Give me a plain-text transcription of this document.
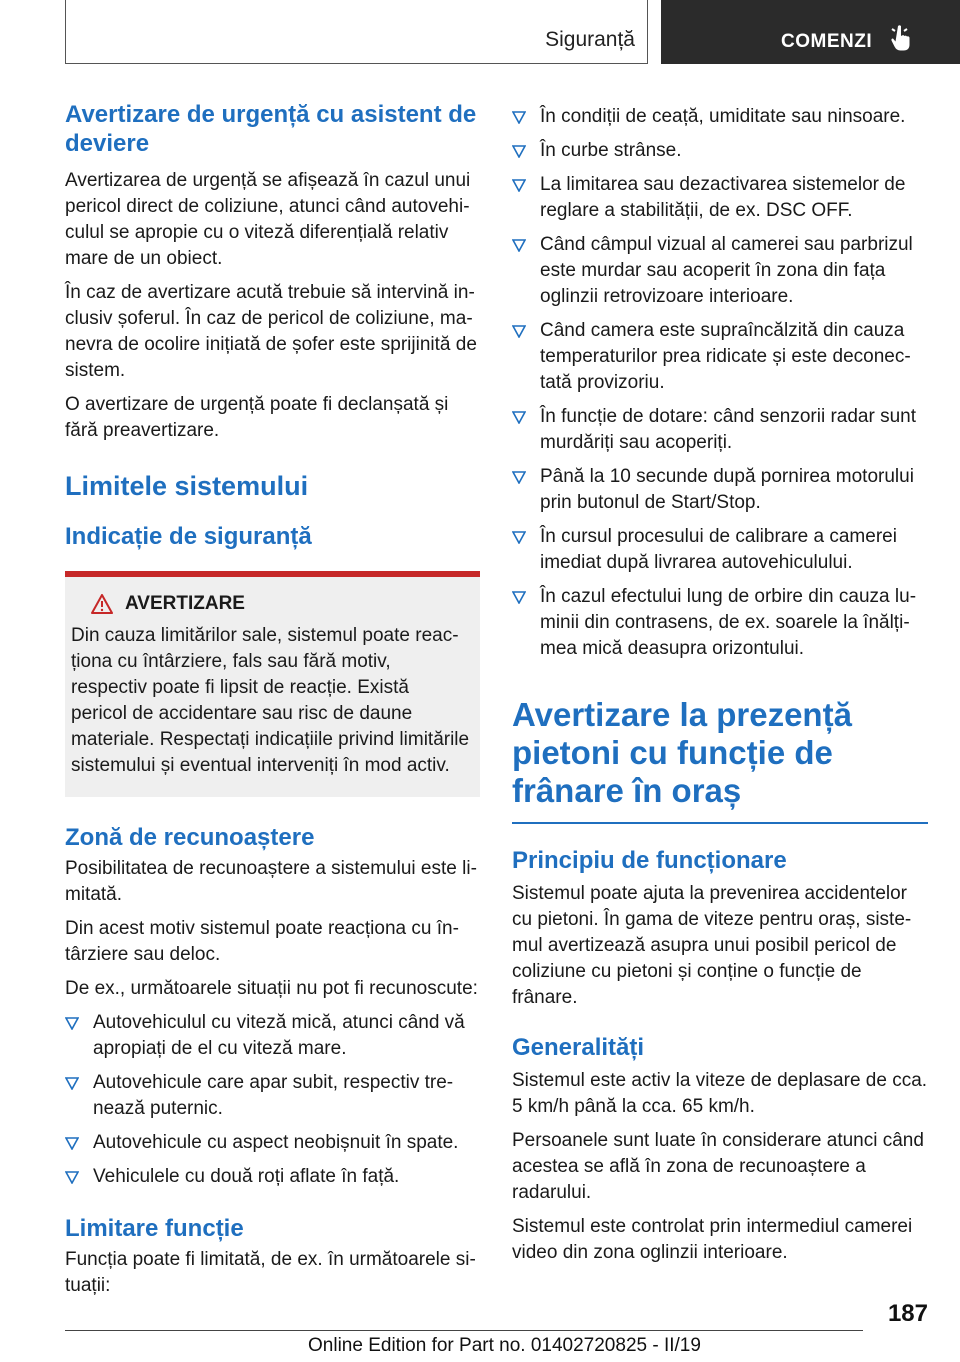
Siguranță	COMENZI
Avertizare de urgență cu asistent de deviere

Avertizarea de urgență se afișează în cazul unui pericol direct de coliziune, atunci când autovehiculul se apropie cu o viteză diferențială relativ mare de un obiect.

În caz de avertizare acută trebuie să intervină inclusiv șoferul. În caz de pericol de coliziune, manevra de ocolire inițiată de șofer este sprijinită de sistem.

O avertizare de urgență poate fi declanșată și fără preavertizare.

Limitele sistemului
Indicație de siguranță
AVERTIZARE

Din cauza limitărilor sale, sistemul poate reacționa cu întârziere, fals sau fără motiv, respectiv poate fi lipsit de reacție. Există pericol de accidentare sau risc de daune materiale. Respectați indicațiile privind limitările sistemului și eventual interveniți în mod activ.

Zonă de recunoaștere

Posibilitatea de recunoaștere a sistemului este limitată.

Din acest motiv sistemul poate reacționa cu întârziere sau deloc.

De ex., următoarele situații nu pot fi recunoscute:

Autovehiculul cu viteză mică, atunci când vă apropiați de el cu viteză mare.
Autovehicule care apar subit, respectiv trenează puternic.
Autovehicule cu aspect neobișnuit în spate.
Vehiculele cu două roți aflate în față.
Limitare funcție

Funcția poate fi limitată, de ex. în următoarele situații:

În condiții de ceață, umiditate sau ninsoare.
În curbe strânse.
La limitarea sau dezactivarea sistemelor de reglare a stabilității, de ex. DSC OFF.
Când câmpul vizual al camerei sau parbrizul este murdar sau acoperit în zona din fața oglinzii retrovizoare interioare.
Când camera este supraîncălzită din cauza temperaturilor prea ridicate și este deconectată provizoriu.
În funcție de dotare: când senzorii radar sunt murdăriți sau acoperiți.
Până la 10 secunde după pornirea motorului prin butonul de Start/Stop.
În cursul procesului de calibrare a camerei imediat după livrarea autovehiculului.
În cazul efectului lung de orbire din cauza luminii din contrasens, de ex. soarele la înălțimea mică deasupra orizontului.
Avertizare la prezență pietoni cu funcție de frânare în oraș
Principiu de funcționare

Sistemul poate ajuta la prevenirea accidentelor cu pietoni. În gama de viteze pentru oraș, sistemul avertizează asupra unui posibil pericol de coliziune cu pietoni și conține o funcție de frânare.

Generalități

Sistemul este activ la viteze de deplasare de cca. 5 km/h până la cca. 65 km/h.

Persoanele sunt luate în considerare atunci când acestea se află în zona de recunoaștere a radarului.

Sistemul este controlat prin intermediul camerei video din zona oglinzii interioare.

187
Online Edition for Part no. 01402720825 - II/19
